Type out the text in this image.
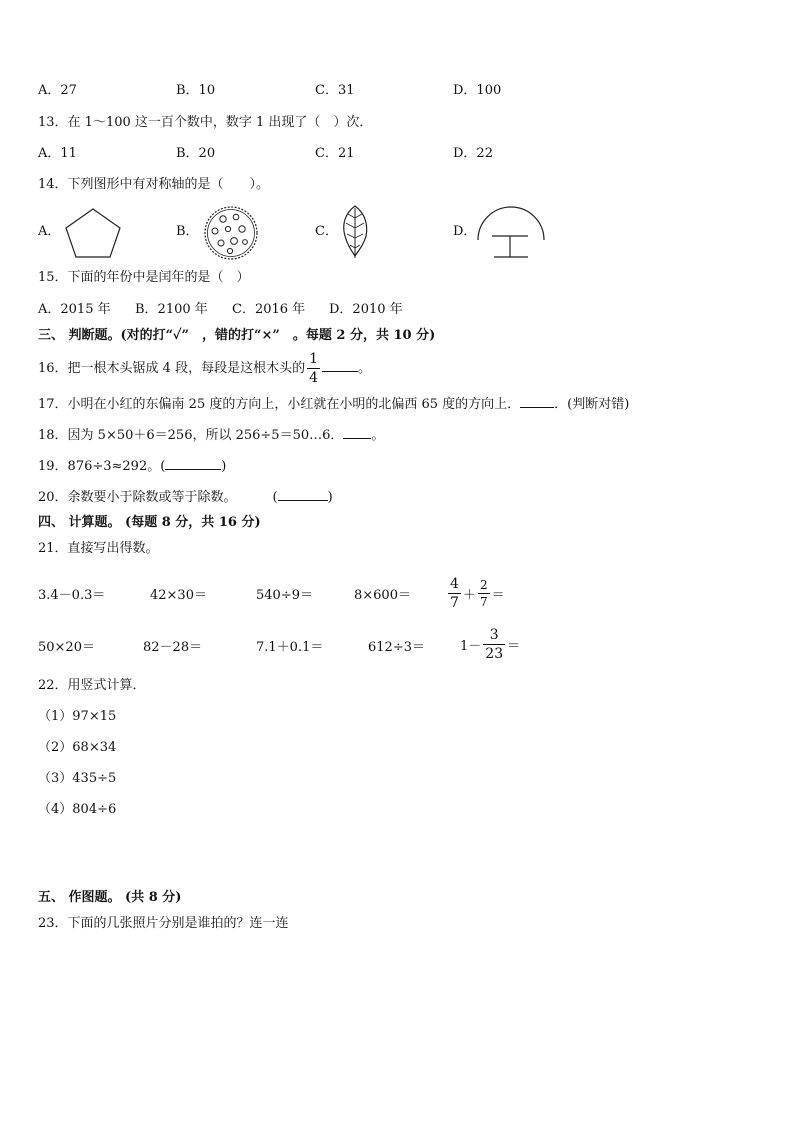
A．27	B．10	C．31	D．100
13．在 1～100 这一百个数中，数字 1 出现了（　）次．
A．11	B．20	C．21	D．22
14．下列图形中有对称轴的是（　　）。
A．	B．	C．	D．
15．下面的年份中是闰年的是（　）
A．2015 年 B．2100 年 C．2016 年 D．2010 年
三、 判断题。(对的打“✓”　，错的打“×”　。每题 2 分，共 10 分)
16．把一根木头锯成 4 段，每段是这根木头的 $\frac{1}{4}$	。
17．小明在小红的东偏南 25 度的方向上，小红就在小明的北偏西 65 度的方向上．	．(判断对错)
18．因为 5×50＋6＝256，所以 256÷5＝50…6． 。
19．876÷3≈292。(	)
20．余数要小于除数或等于除数。	(	)
四、 计算题。 (每题 8 分，共 16 分)
21．直接写出得数。
3.4－0.3＝	42×30＝	540÷9＝	8×600＝	$\frac{4}{7} + \frac{2}{7}$ ＝
50×20＝	82－28＝	7.1＋0.1＝	612÷3＝	$1- \frac{3}{23}$ ＝
22．用竖式计算．
（1）97×15
（2）68×34
（3）435÷5
（4）804÷6
五、 作图题。 (共 8 分)
23．下面的几张照片分别是谁拍的？连一连
